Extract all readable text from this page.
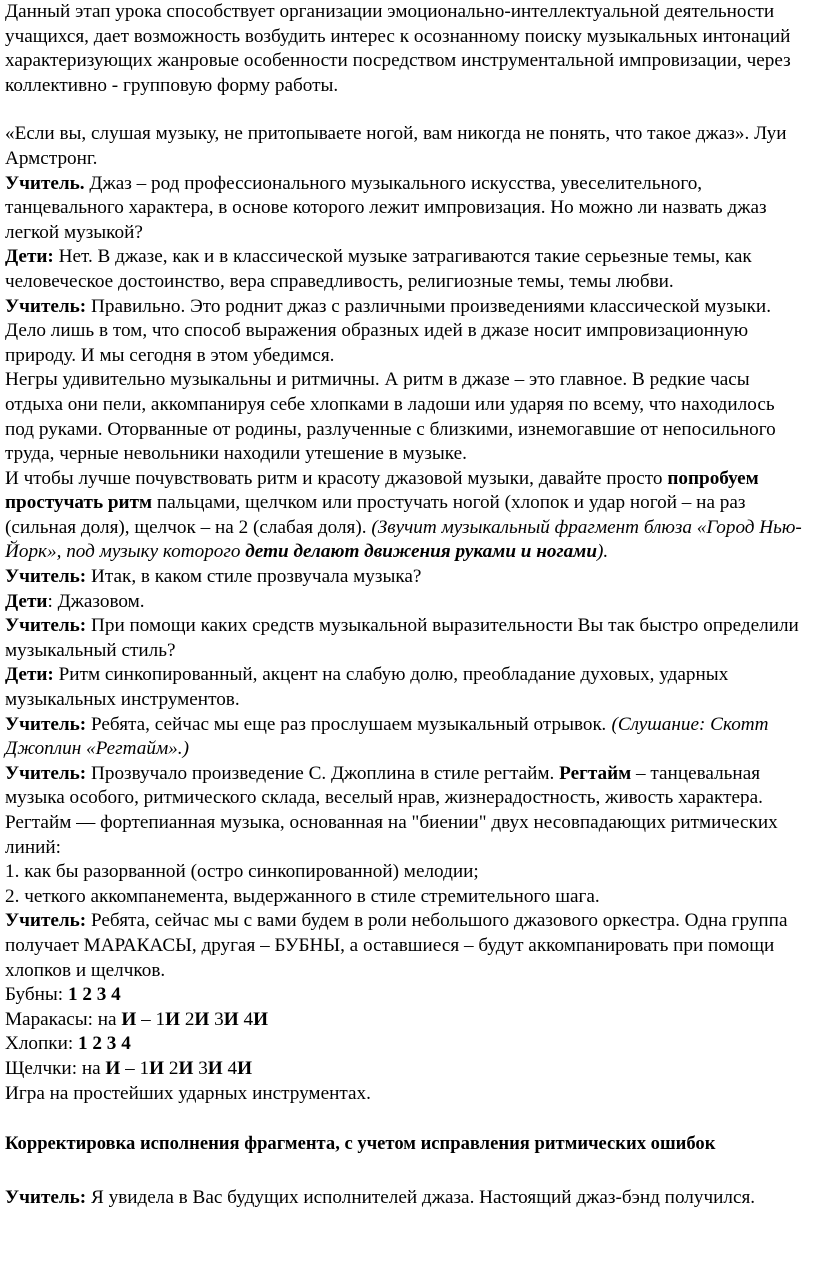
Данный этап урока способствует организации эмоционально-интеллектуальной деятельности учащихся, дает возможность возбудить интерес к осознанному поиску музыкальных интонаций характеризующих жанровые особенности посредством инструментальной импровизации, через коллективно - групповую форму работы.

«Если вы, слушая музыку, не притопываете ногой, вам никогда не понять, что такое джаз». Луи Армстронг.

Учитель. Джаз – род профессионального музыкального искусства, увеселительного, танцевального характера, в основе которого лежит импровизация. Но можно ли назвать джаз легкой музыкой?

Дети: Нет. В джазе, как и в классической музыке затрагиваются такие серьезные темы, как человеческое достоинство, вера справедливость, религиозные темы, темы любви.

Учитель: Правильно. Это роднит джаз с различными произведениями классической музыки. Дело лишь в том, что способ выражения образных идей в джазе носит импровизационную природу. И мы сегодня в этом убедимся.

Негры удивительно музыкальны и ритмичны. А ритм в джазе – это главное. В редкие часы отдыха они пели, аккомпанируя себе хлопками в ладоши или ударяя по всему, что находилось под руками. Оторванные от родины, разлученные с близкими, изнемогавшие от непосильного труда, черные невольники находили утешение в музыке.

И чтобы лучше почувствовать ритм и красоту джазовой музыки, давайте просто попробуем простучать ритм пальцами, щелчком или простучать ногой (хлопок и удар ногой – на раз (сильная доля), щелчок – на 2 (слабая доля). (Звучит музыкальный фрагмент блюза «Город Нью-Йорк», под музыку которого дети делают движения руками и ногами).

Учитель: Итак, в каком стиле прозвучала музыка?

Дети: Джазовом.

Учитель: При помощи каких средств музыкальной выразительности Вы так быстро определили музыкальный стиль?

Дети: Ритм синкопированный, акцент на слабую долю, преобладание духовых, ударных музыкальных инструментов.

Учитель: Ребята, сейчас мы еще раз прослушаем музыкальный отрывок. (Слушание: Скотт Джоплин «Регтайм».)

Учитель: Прозвучало произведение С. Джоплина в стиле регтайм. Регтайм – танцевальная музыка особого, ритмического склада, веселый нрав, жизнерадостность, живость характера.

Регтайм — фортепианная музыка, основанная на "биении" двух несовпадающих ритмических линий:

1. как бы разорванной (остро синкопированной) мелодии;

2. четкого аккомпанемента, выдержанного в стиле стремительного шага.

Учитель: Ребята, сейчас мы с вами будем в роли небольшого джазового оркестра. Одна группа получает МАРАКАСЫ, другая – БУБНЫ, а оставшиеся – будут аккомпанировать при помощи хлопков и щелчков.

Бубны: 1 2 3 4

Маракасы: на И – 1И 2И 3И 4И

Хлопки: 1 2 3 4

Щелчки: на И – 1И 2И 3И 4И

Игра на простейших ударных инструментах.

Корректировка исполнения фрагмента, с учетом исправления ритмических ошибок

Учитель: Я увидела в Вас будущих исполнителей джаза. Настоящий джаз-бэнд получился.
